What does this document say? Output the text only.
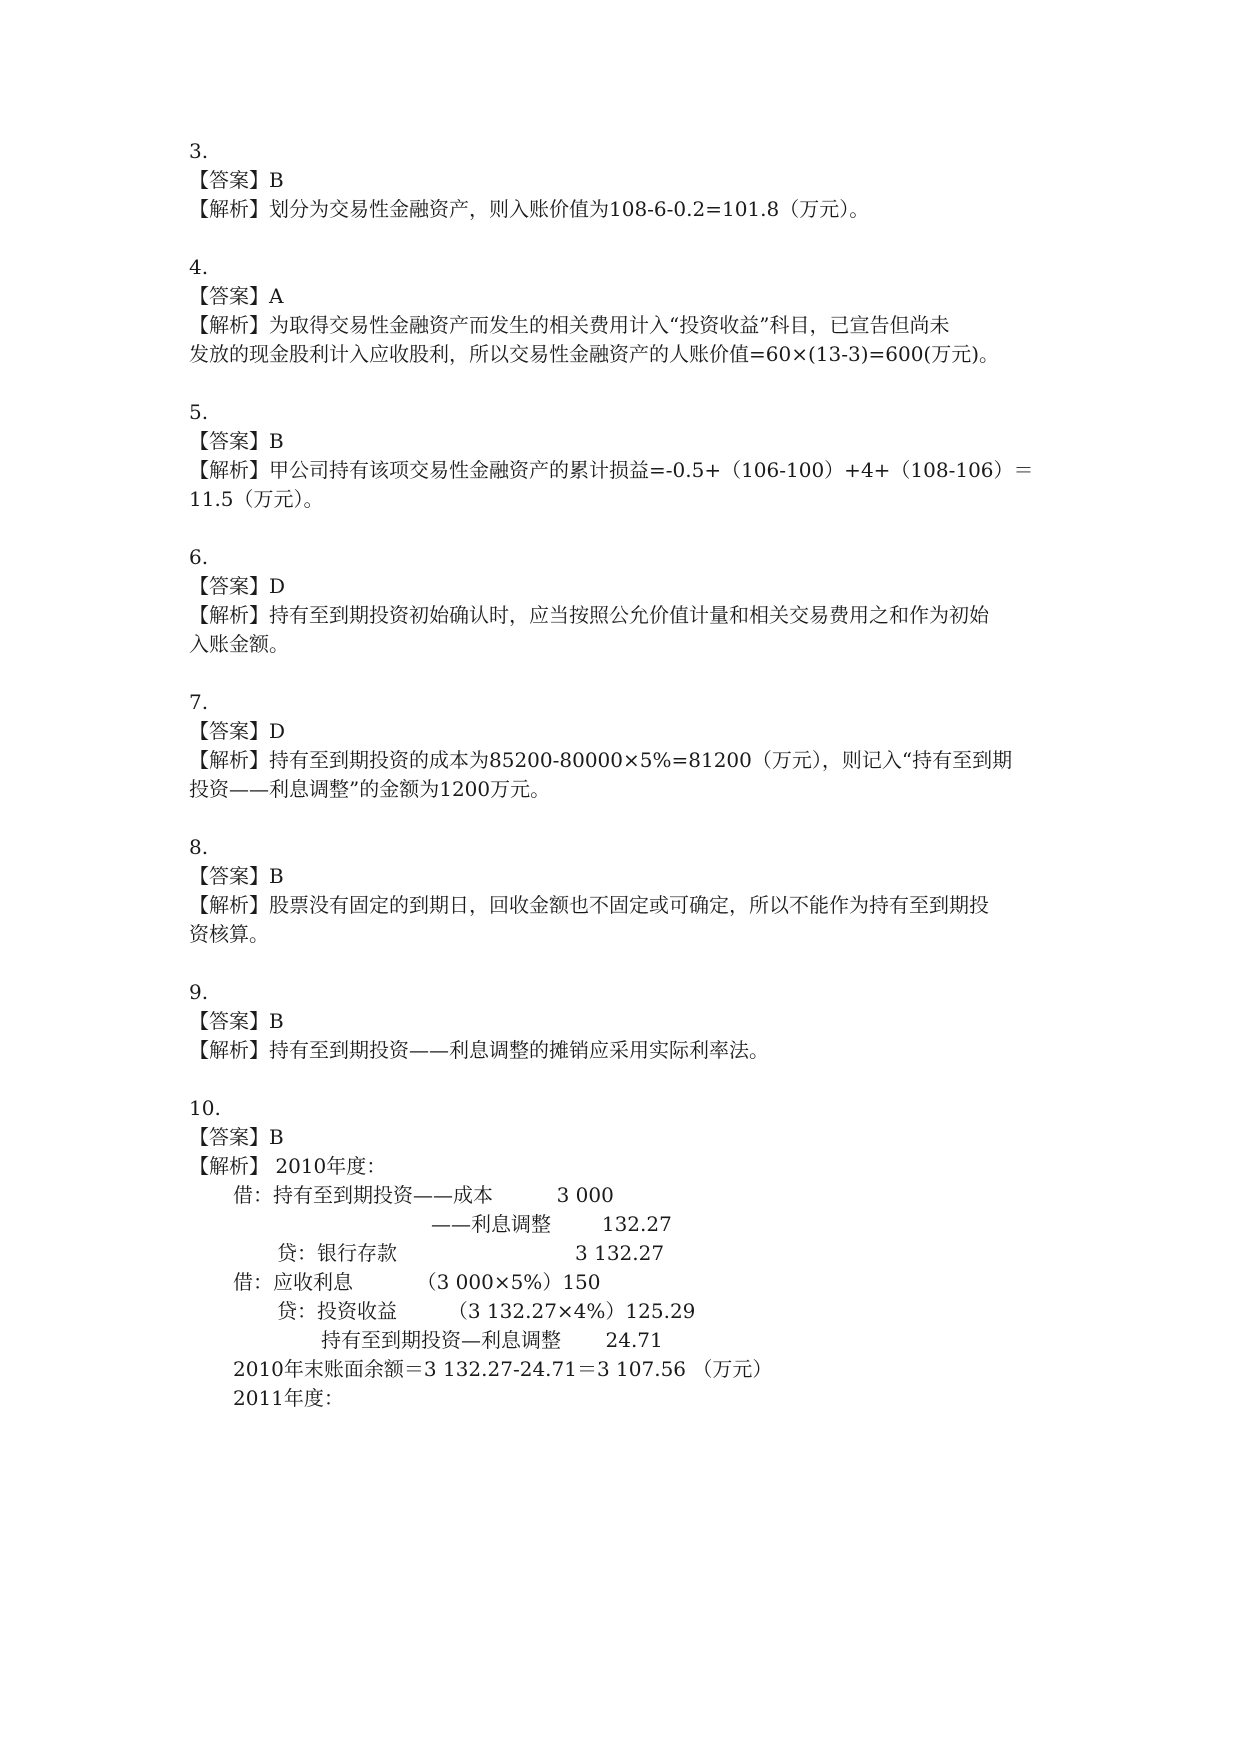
3.
【答案】B
【解析】划分为交易性金融资产，则入账价值为108-6-0.2=101.8（万元）。
4.
【答案】A
【解析】为取得交易性金融资产而发生的相关费用计入“投资收益”科目，已宣告但尚未
发放的现金股利计入应收股利，所以交易性金融资产的人账价值=60×(13-3)=600(万元)。
5.
【答案】B
【解析】甲公司持有该项交易性金融资产的累计损益=-0.5+（106-100）+4+（108-106）＝
11.5（万元）。
6.
【答案】D
【解析】持有至到期投资初始确认时，应当按照公允价值计量和相关交易费用之和作为初始
入账金额。
7.
【答案】D
【解析】持有至到期投资的成本为85200-80000×5%=81200（万元），则记入“持有至到期
投资——利息调整”的金额为1200万元。
8.
【答案】B
【解析】股票没有固定的到期日，回收金额也不固定或可确定，所以不能作为持有至到期投
资核算。
9.
【答案】B
【解析】持有至到期投资——利息调整的摊销应采用实际利率法。
10.
【答案】B
【解析】 2010年度：
借：持有至到期投资——成本          3 000
——利息调整        132.27
贷：银行存款                            3 132.27
借：应收利息          （3 000×5%）150
贷：投资收益        （3 132.27×4%）125.29
持有至到期投资—利息调整       24.71
2010年末账面余额＝3 132.27-24.71＝3 107.56 （万元）
2011年度：
